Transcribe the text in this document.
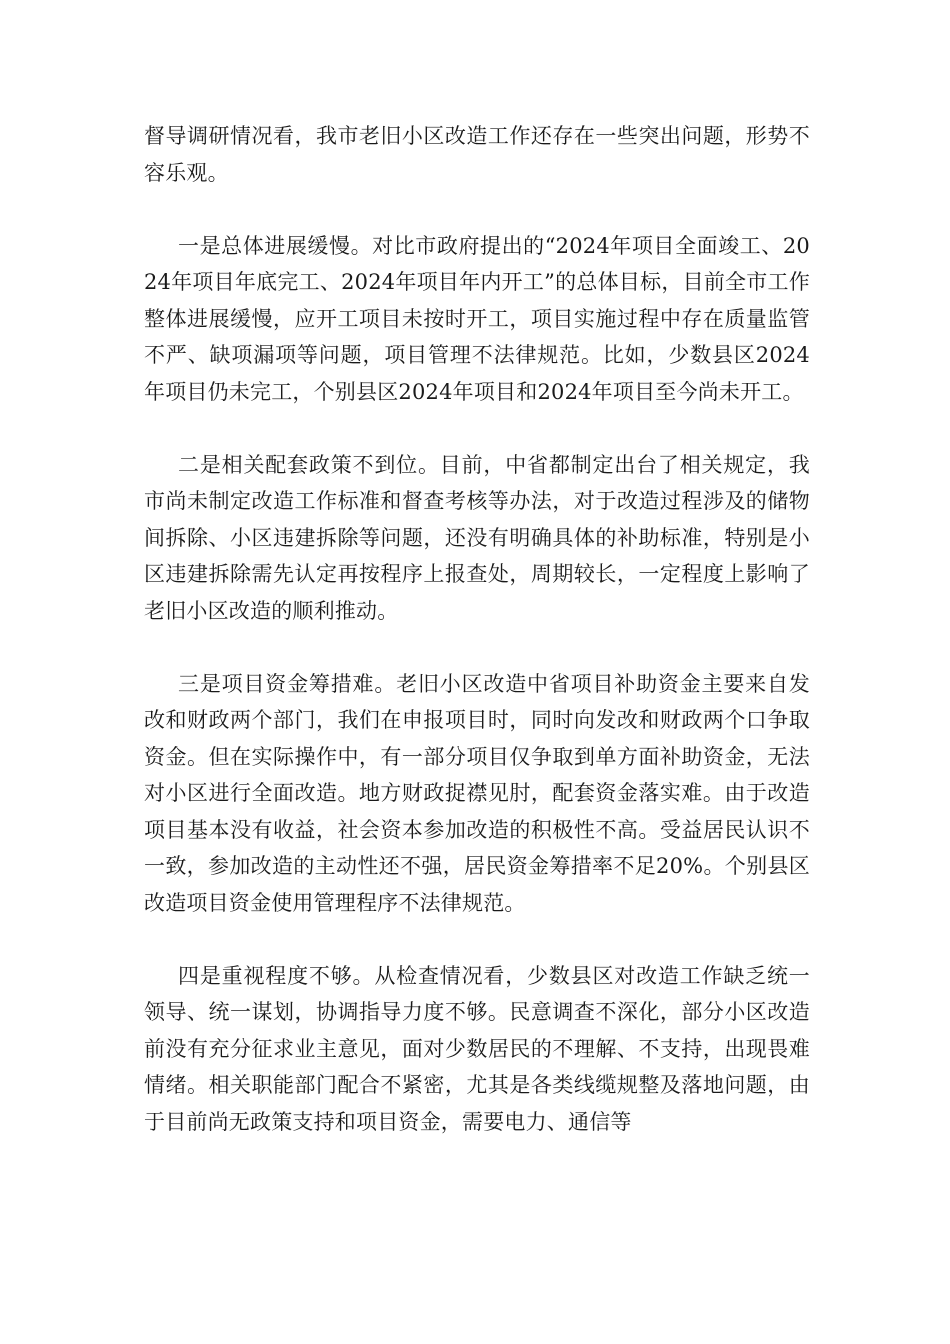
督导调研情况看，我市老旧小区改造工作还存在一些突出问题，形势不容乐观。

一是总体进展缓慢。对比市政府提出的“2024年项目全面竣工、2024年项目年底完工、2024年项目年内开工”的总体目标，目前全市工作整体进展缓慢，应开工项目未按时开工，项目实施过程中存在质量监管不严、缺项漏项等问题，项目管理不法律规范。比如，少数县区2024年项目仍未完工，个别县区2024年项目和2024年项目至今尚未开工。

二是相关配套政策不到位。目前，中省都制定出台了相关规定，我市尚未制定改造工作标准和督查考核等办法，对于改造过程涉及的储物间拆除、小区违建拆除等问题，还没有明确具体的补助标准，特别是小区违建拆除需先认定再按程序上报查处，周期较长，一定程度上影响了老旧小区改造的顺利推动。

三是项目资金筹措难。老旧小区改造中省项目补助资金主要来自发改和财政两个部门，我们在申报项目时，同时向发改和财政两个口争取资金。但在实际操作中，有一部分项目仅争取到单方面补助资金，无法对小区进行全面改造。地方财政捉襟见肘，配套资金落实难。由于改造项目基本没有收益，社会资本参加改造的积极性不高。受益居民认识不一致，参加改造的主动性还不强，居民资金筹措率不足20%。个别县区改造项目资金使用管理程序不法律规范。

四是重视程度不够。从检查情况看，少数县区对改造工作缺乏统一领导、统一谋划，协调指导力度不够。民意调查不深化，部分小区改造前没有充分征求业主意见，面对少数居民的不理解、不支持，出现畏难情绪。相关职能部门配合不紧密，尤其是各类线缆规整及落地问题，由于目前尚无政策支持和项目资金，需要电力、通信等
